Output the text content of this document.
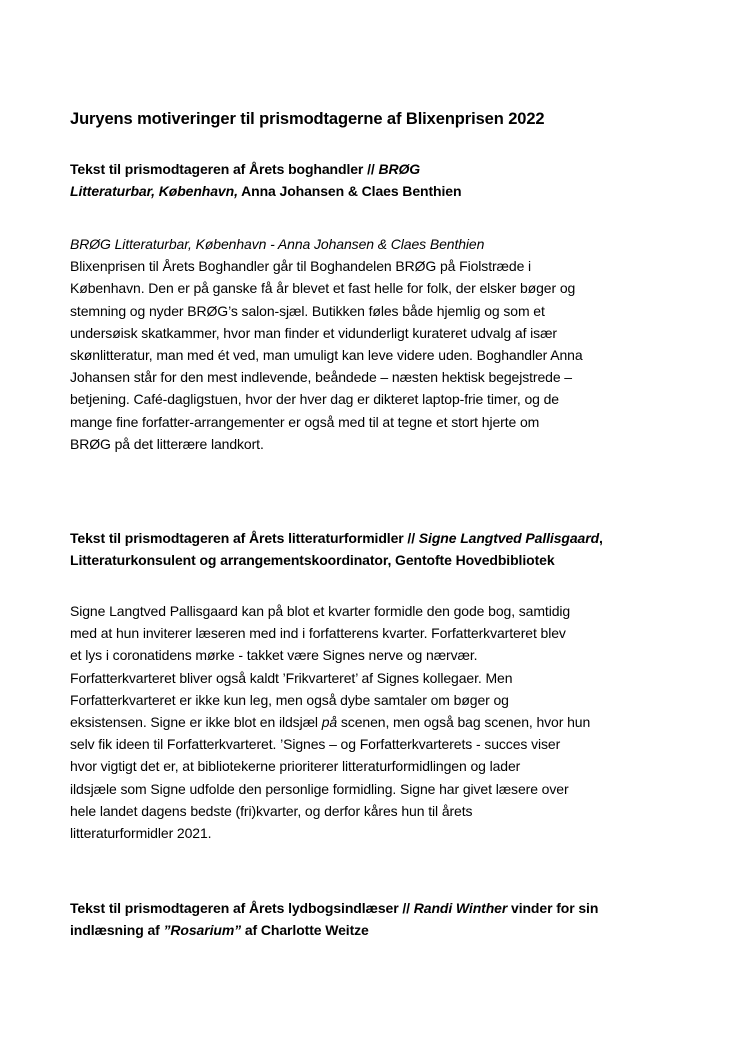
Juryens motiveringer til prismodtagerne af Blixenprisen 2022
Tekst til prismodtageren af Årets boghandler // BRØG
Litteraturbar, København, Anna Johansen & Claes Benthien
BRØG Litteraturbar, København - Anna Johansen & Claes Benthien
Blixenprisen til Årets Boghandler går til Boghandelen BRØG på Fiolstræde i
København. Den er på ganske få år blevet et fast helle for folk, der elsker bøger og
stemning og nyder BRØG’s salon-sjæl. Butikken føles både hjemlig og som et
undersøisk skatkammer, hvor man finder et vidunderligt kurateret udvalg af især
skønlitteratur, man med ét ved, man umuligt kan leve videre uden. Boghandler Anna
Johansen står for den mest indlevende, beåndede – næsten hektisk begejstrede –
betjening. Café-dagligstuen, hvor der hver dag er dikteret laptop-frie timer, og de
mange fine forfatter-arrangementer er også med til at tegne et stort hjerte om
BRØG på det litterære landkort.
Tekst til prismodtageren af Årets litteraturformidler // Signe Langtved Pallisgaard,
Litteraturkonsulent og arrangementskoordinator, Gentofte Hovedbibliotek
Signe Langtved Pallisgaard kan på blot et kvarter formidle den gode bog, samtidig
med at hun inviterer læseren med ind i forfatterens kvarter. Forfatterkvarteret blev
et lys i coronatidens mørke - takket være Signes nerve og nærvær.
Forfatterkvarteret bliver også kaldt ’Frikvarteret’ af Signes kollegaer. Men
Forfatterkvarteret er ikke kun leg, men også dybe samtaler om bøger og
eksistensen. Signe er ikke blot en ildsjæl på scenen, men også bag scenen, hvor hun
selv fik ideen til Forfatterkvarteret. ’Signes – og Forfatterkvarterets - succes viser
hvor vigtigt det er, at bibliotekerne prioriterer litteraturformidlingen og lader
ildsjæle som Signe udfolde den personlige formidling. Signe har givet læsere over
hele landet dagens bedste (fri)kvarter, og derfor kåres hun til årets
litteraturformidler 2021.
Tekst til prismodtageren af Årets lydbogsindlæser // Randi Winther vinder for sin
indlæsning af ”Rosarium” af Charlotte Weitze
